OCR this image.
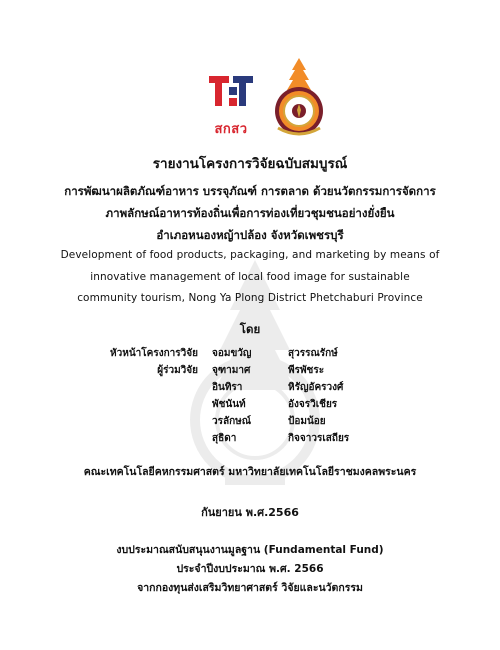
สกสว
รายงานโครงการวิจัยฉบับสมบูรณ์
การพัฒนาผลิตภัณฑ์อาหาร บรรจุภัณฑ์ การตลาด ด้วยนวัตกรรมการจัดการ
ภาพลักษณ์อาหารท้องถิ่นเพื่อการท่องเที่ยวชุมชนอย่างยั่งยืน
อำเภอหนองหญ้าปล้อง จังหวัดเพชรบุรี
Development of food products, packaging, and marketing by means of
innovative management of local food image for sustainable
community tourism, Nong Ya Plong District Phetchaburi Province
โดย
หัวหน้าโครงการวิจัย จอมขวัญ	สุวรรณรักษ์
ผู้ร่วมวิจัย จุฑามาศ	พีรพัชระ
อินทิรา	หิรัญอัครวงศ์
พัชนันท์	อังจรวิเชียร
วรลักษณ์	ป้อมน้อย
สุธิดา	กิจจาวรเสถียร
คณะเทคโนโลยีคหกรรมศาสตร์ มหาวิทยาลัยเทคโนโลยีราชมงคลพระนคร
กันยายน พ.ศ.2566
งบประมาณสนับสนุนงานมูลฐาน (Fundamental Fund)
ประจำปีงบประมาณ พ.ศ. 2566
จากกองทุนส่งเสริมวิทยาศาสตร์ วิจัยและนวัตกรรม
